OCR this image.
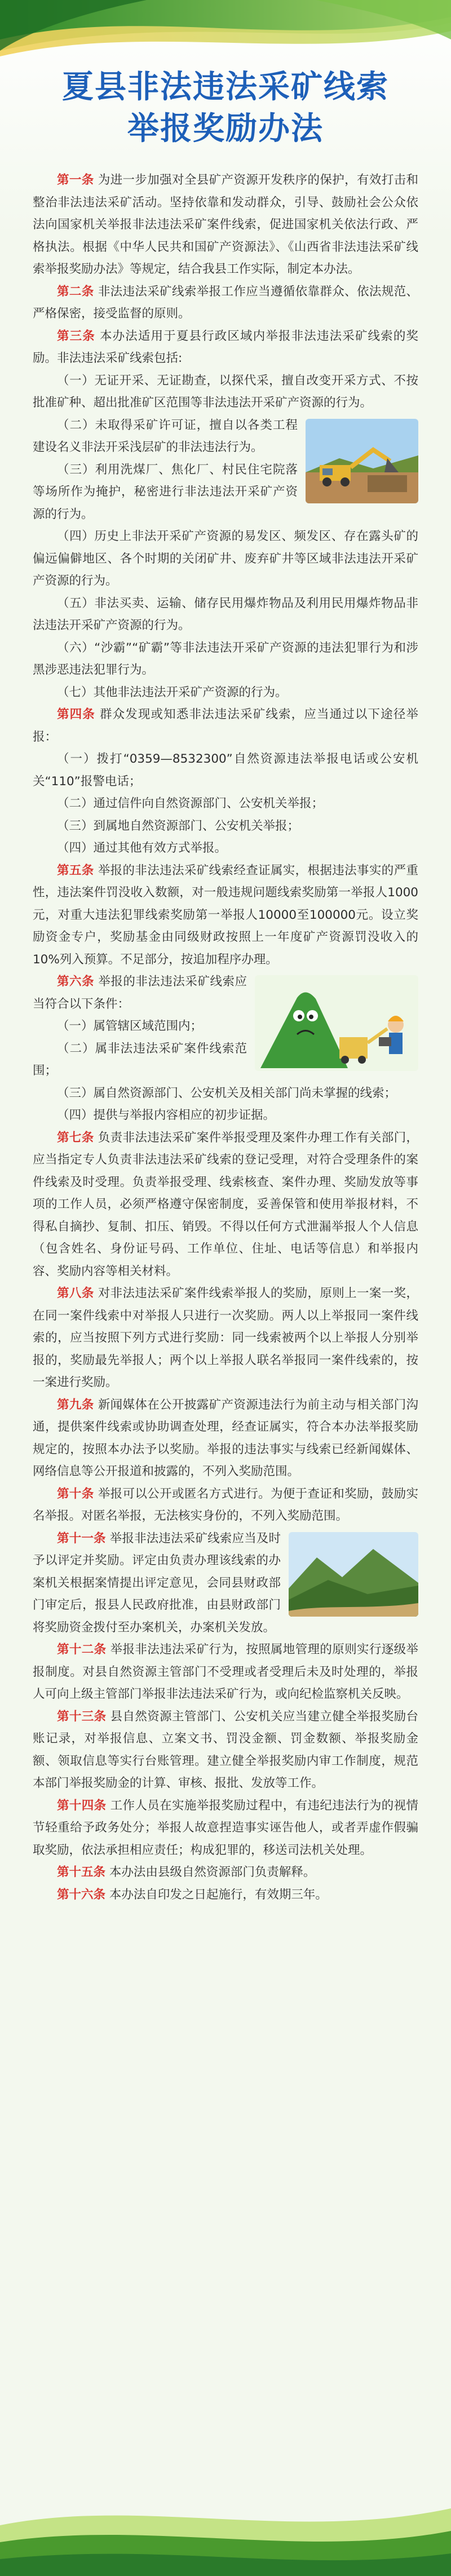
夏县非法违法采矿线索
举报奖励办法

第一条 为进一步加强对全县矿产资源开发秩序的保护，有效打击和整治非法违法采矿活动。坚持依靠和发动群众，引导、鼓励社会公众依法向国家机关举报非法违法采矿案件线索，促进国家机关依法行政、严格执法。根据《中华人民共和国矿产资源法》、《山西省非法违法采矿线索举报奖励办法》等规定，结合我县工作实际，制定本办法。

第二条 非法违法采矿线索举报工作应当遵循依靠群众、依法规范、严格保密，接受监督的原则。

第三条 本办法适用于夏县行政区域内举报非法违法采矿线索的奖励。非法违法采矿线索包括:

（一）无证开采、无证勘查，以探代采，擅自改变开采方式、不按批准矿种、超出批准矿区范围等非法违法开采矿产资源的行为。

（二）未取得采矿许可证，擅自以各类工程建设名义非法开采浅层矿的非法违法行为。

（三）利用洗煤厂、焦化厂、村民住宅院落等场所作为掩护，秘密进行非法违法开采矿产资源的行为。

（四）历史上非法开采矿产资源的易发区、频发区、存在露头矿的偏远偏僻地区、各个时期的关闭矿井、废弃矿井等区域非法违法开采矿产资源的行为。

（五）非法买卖、运输、储存民用爆炸物品及利用民用爆炸物品非法违法开采矿产资源的行为。

（六）“沙霸”“矿霸”等非法违法开采矿产资源的违法犯罪行为和涉黑涉恶违法犯罪行为。

（七）其他非法违法开采矿产资源的行为。

第四条 群众发现或知悉非法违法采矿线索，应当通过以下途径举报：

（一）拨打“0359—8532300”自然资源违法举报电话或公安机关“110”报警电话；

（二）通过信件向自然资源部门、公安机关举报；

（三）到属地自然资源部门、公安机关举报；

（四）通过其他有效方式举报。

第五条 举报的非法违法采矿线索经查证属实，根据违法事实的严重性，违法案件罚没收入数额，对一般违规问题线索奖励第一举报人1000元，对重大违法犯罪线索奖励第一举报人10000至100000元。设立奖励资金专户，奖励基金由同级财政按照上一年度矿产资源罚没收入的10%列入预算。不足部分，按追加程序办理。

第六条 举报的非法违法采矿线索应当符合以下条件：

（一）属管辖区域范围内；

（二）属非法违法采矿案件线索范围；

（三）属自然资源部门、公安机关及相关部门尚未掌握的线索；

（四）提供与举报内容相应的初步证据。

第七条 负责非法违法采矿案件举报受理及案件办理工作有关部门，应当指定专人负责非法违法采矿线索的登记受理，对符合受理条件的案件线索及时受理。负责举报受理、线索核查、案件办理、奖励发放等事项的工作人员，必须严格遵守保密制度，妥善保管和使用举报材料，不得私自摘抄、复制、扣压、销毁。不得以任何方式泄漏举报人个人信息（包含姓名、身份证号码、工作单位、住址、电话等信息）和举报内容、奖励内容等相关材料。

第八条 对非法违法采矿案件线索举报人的奖励，原则上一案一奖，在同一案件线索中对举报人只进行一次奖励。两人以上举报同一案件线索的，应当按照下列方式进行奖励：同一线索被两个以上举报人分别举报的，奖励最先举报人；两个以上举报人联名举报同一案件线索的，按一案进行奖励。

第九条 新闻媒体在公开披露矿产资源违法行为前主动与相关部门沟通，提供案件线索或协助调查处理，经查证属实，符合本办法举报奖励规定的，按照本办法予以奖励。举报的违法事实与线索已经新闻媒体、网络信息等公开报道和披露的，不列入奖励范围。

第十条 举报可以公开或匿名方式进行。为便于查证和奖励，鼓励实名举报。对匿名举报，无法核实身份的，不列入奖励范围。

第十一条 举报非法违法采矿线索应当及时予以评定并奖励。评定由负责办理该线索的办案机关根据案情提出评定意见，会同县财政部门审定后，报县人民政府批准，由县财政部门将奖励资金拨付至办案机关，办案机关发放。

第十二条 举报非法违法采矿行为，按照属地管理的原则实行逐级举报制度。对县自然资源主管部门不受理或者受理后未及时处理的，举报人可向上级主管部门举报非法违法采矿行为，或向纪检监察机关反映。

第十三条 县自然资源主管部门、公安机关应当建立健全举报奖励台账记录，对举报信息、立案文书、罚没金额、罚金数额、举报奖励金额、领取信息等实行台账管理。建立健全举报奖励内审工作制度，规范本部门举报奖励金的计算、审核、报批、发放等工作。

第十四条 工作人员在实施举报奖励过程中，有违纪违法行为的视情节轻重给予政务处分；举报人故意捏造事实诬告他人，或者弄虚作假骗取奖励，依法承担相应责任；构成犯罪的，移送司法机关处理。

第十五条 本办法由县级自然资源部门负责解释。

第十六条 本办法自印发之日起施行，有效期三年。
